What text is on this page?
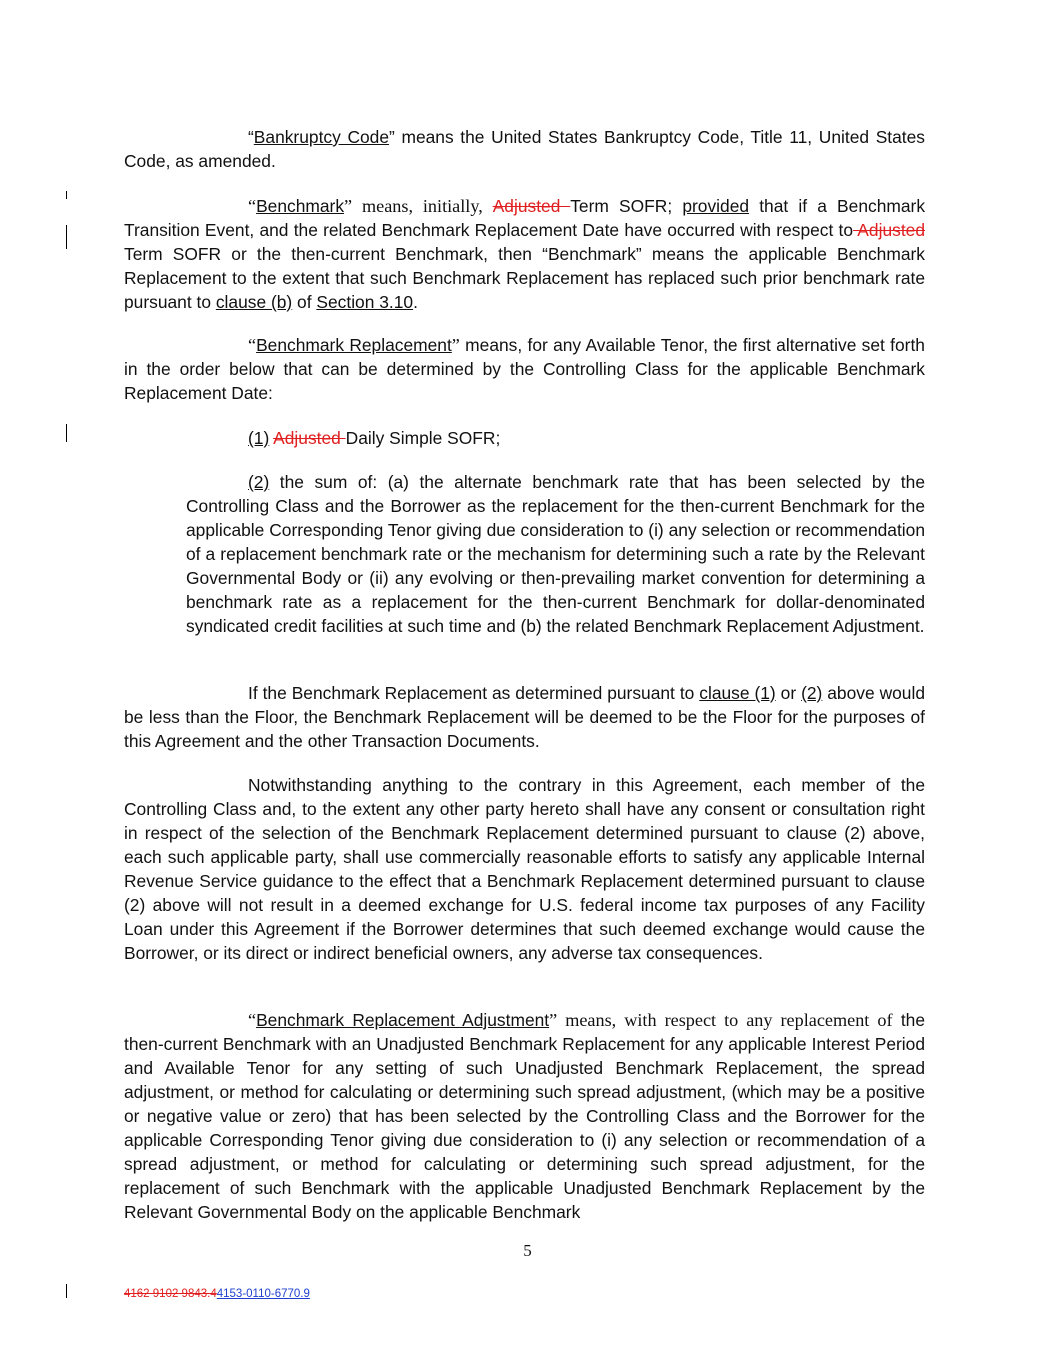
“Bankruptcy Code” means the United States Bankruptcy Code, Title 11, United States Code, as amended.

“Benchmark” means, initially, Adjusted Term SOFR; provided that if a Benchmark Transition Event, and the related Benchmark Replacement Date have occurred with respect to Adjusted Term SOFR or the then-current Benchmark, then “Benchmark” means the applicable Benchmark Replacement to the extent that such Benchmark Replacement has replaced such prior benchmark rate pursuant to clause (b) of Section 3.10.

“Benchmark Replacement” means, for any Available Tenor, the first alternative set forth in the order below that can be determined by the Controlling Class for the applicable Benchmark Replacement Date:

(1) Adjusted Daily Simple SOFR;

(2) the sum of: (a) the alternate benchmark rate that has been selected by the Controlling Class and the Borrower as the replacement for the then-current Benchmark for the applicable Corresponding Tenor giving due consideration to (i) any selection or recommendation of a replacement benchmark rate or the mechanism for determining such a rate by the Relevant Governmental Body or (ii) any evolving or then-prevailing market convention for determining a benchmark rate as a replacement for the then-current Benchmark for dollar-denominated syndicated credit facilities at such time and (b) the related Benchmark Replacement Adjustment.

If the Benchmark Replacement as determined pursuant to clause (1) or (2) above would be less than the Floor, the Benchmark Replacement will be deemed to be the Floor for the purposes of this Agreement and the other Transaction Documents.

Notwithstanding anything to the contrary in this Agreement, each member of the Controlling Class and, to the extent any other party hereto shall have any consent or consultation right in respect of the selection of the Benchmark Replacement determined pursuant to clause (2) above, each such applicable party, shall use commercially reasonable efforts to satisfy any applicable Internal Revenue Service guidance to the effect that a Benchmark Replacement determined pursuant to clause (2) above will not result in a deemed exchange for U.S. federal income tax purposes of any Facility Loan under this Agreement if the Borrower determines that such deemed exchange would cause the Borrower, or its direct or indirect beneficial owners, any adverse tax consequences.

“Benchmark Replacement Adjustment” means, with respect to any replacement of the then-current Benchmark with an Unadjusted Benchmark Replacement for any applicable Interest Period and Available Tenor for any setting of such Unadjusted Benchmark Replacement, the spread adjustment, or method for calculating or determining such spread adjustment, (which may be a positive or negative value or zero) that has been selected by the Controlling Class and the Borrower for the applicable Corresponding Tenor giving due consideration to (i) any selection or recommendation of a spread adjustment, or method for calculating or determining such spread adjustment, for the replacement of such Benchmark with the applicable Unadjusted Benchmark Replacement by the Relevant Governmental Body on the applicable Benchmark

5
4162 9102 9843.44153-0110-6770.9
